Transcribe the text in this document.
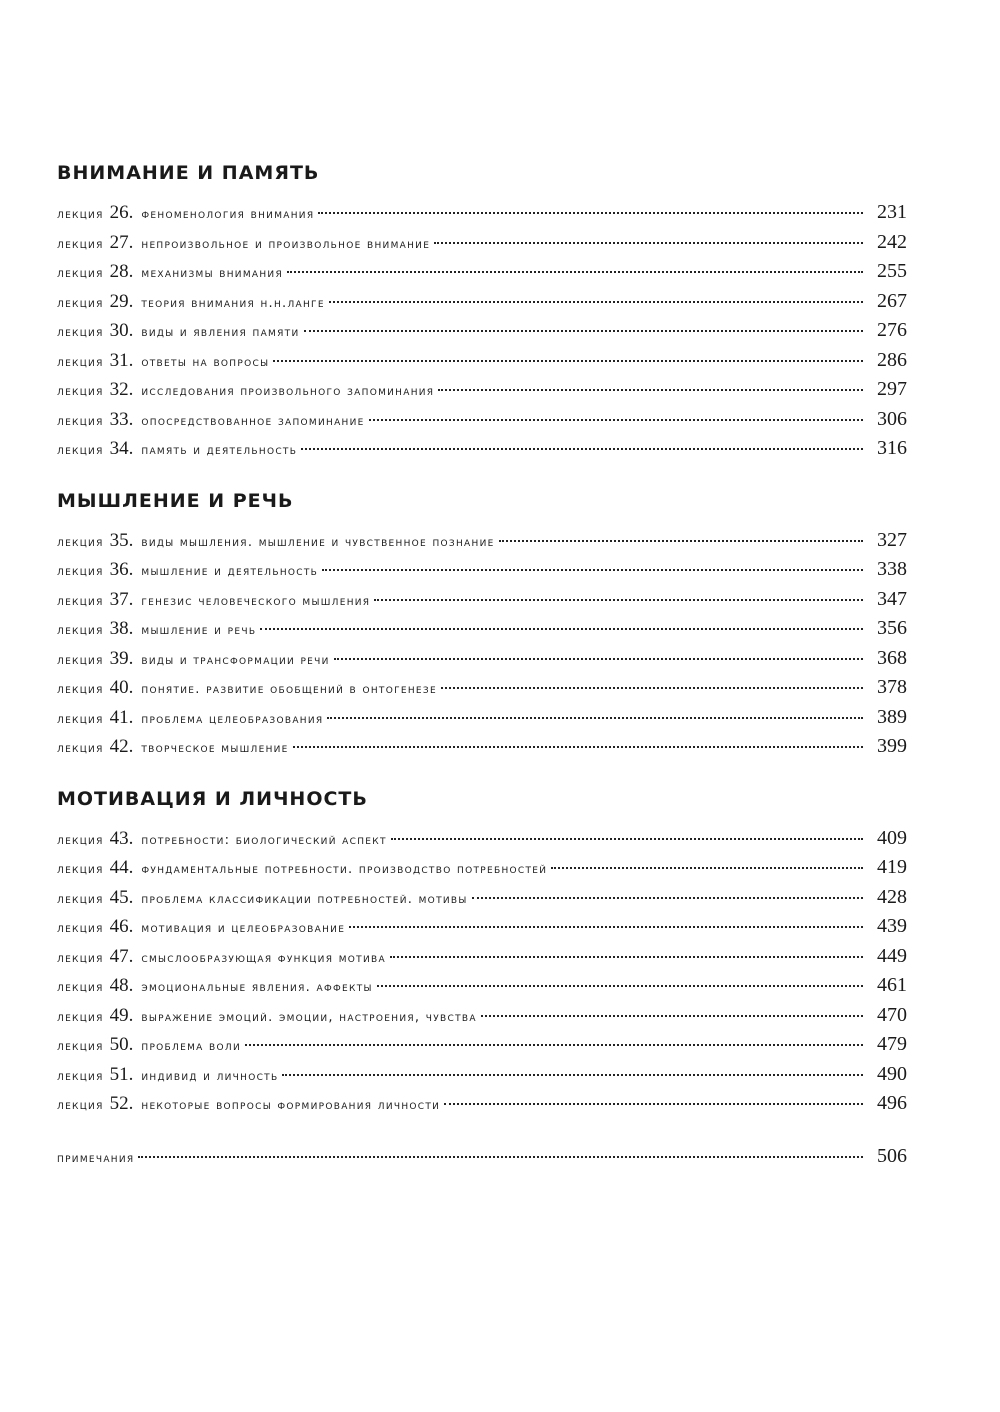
ВНИМАНИЕ И ПАМЯТЬ
лекция 26. феноменология внимания	231
лекция 27. непроизвольное и произвольное внимание	242
лекция 28. механизмы внимания	255
лекция 29. теория внимания н.н.ланге	267
лекция 30. виды и явления памяти	276
лекция 31. ответы на вопросы	286
лекция 32. исследования произвольного запоминания	297
лекция 33. опосредствованное запоминание	306
лекция 34. память и деятельность	316
МЫШЛЕНИЕ И РЕЧЬ
лекция 35. виды мышления. мышление и чувственное познание	327
лекция 36. мышление и деятельность	338
лекция 37. генезис человеческого мышления	347
лекция 38. мышление и речь	356
лекция 39. виды и трансформации речи	368
лекция 40. понятие. развитие обобщений в онтогенезе	378
лекция 41. проблема целеобразования	389
лекция 42. творческое мышление	399
МОТИВАЦИЯ И ЛИЧНОСТЬ
лекция 43. потребности: биологический аспект	409
лекция 44. фундаментальные потребности. производство потребностей	419
лекция 45. проблема классификации потребностей. мотивы	428
лекция 46. мотивация и целеобразование	439
лекция 47. смыслообразующая функция мотива	449
лекция 48. эмоциональные явления. аффекты	461
лекция 49. выражение эмоций. эмоции, настроения, чувства	470
лекция 50. проблема воли	479
лекция 51. индивид и личность	490
лекция 52. некоторые вопросы формирования личности	496
примечания	506
